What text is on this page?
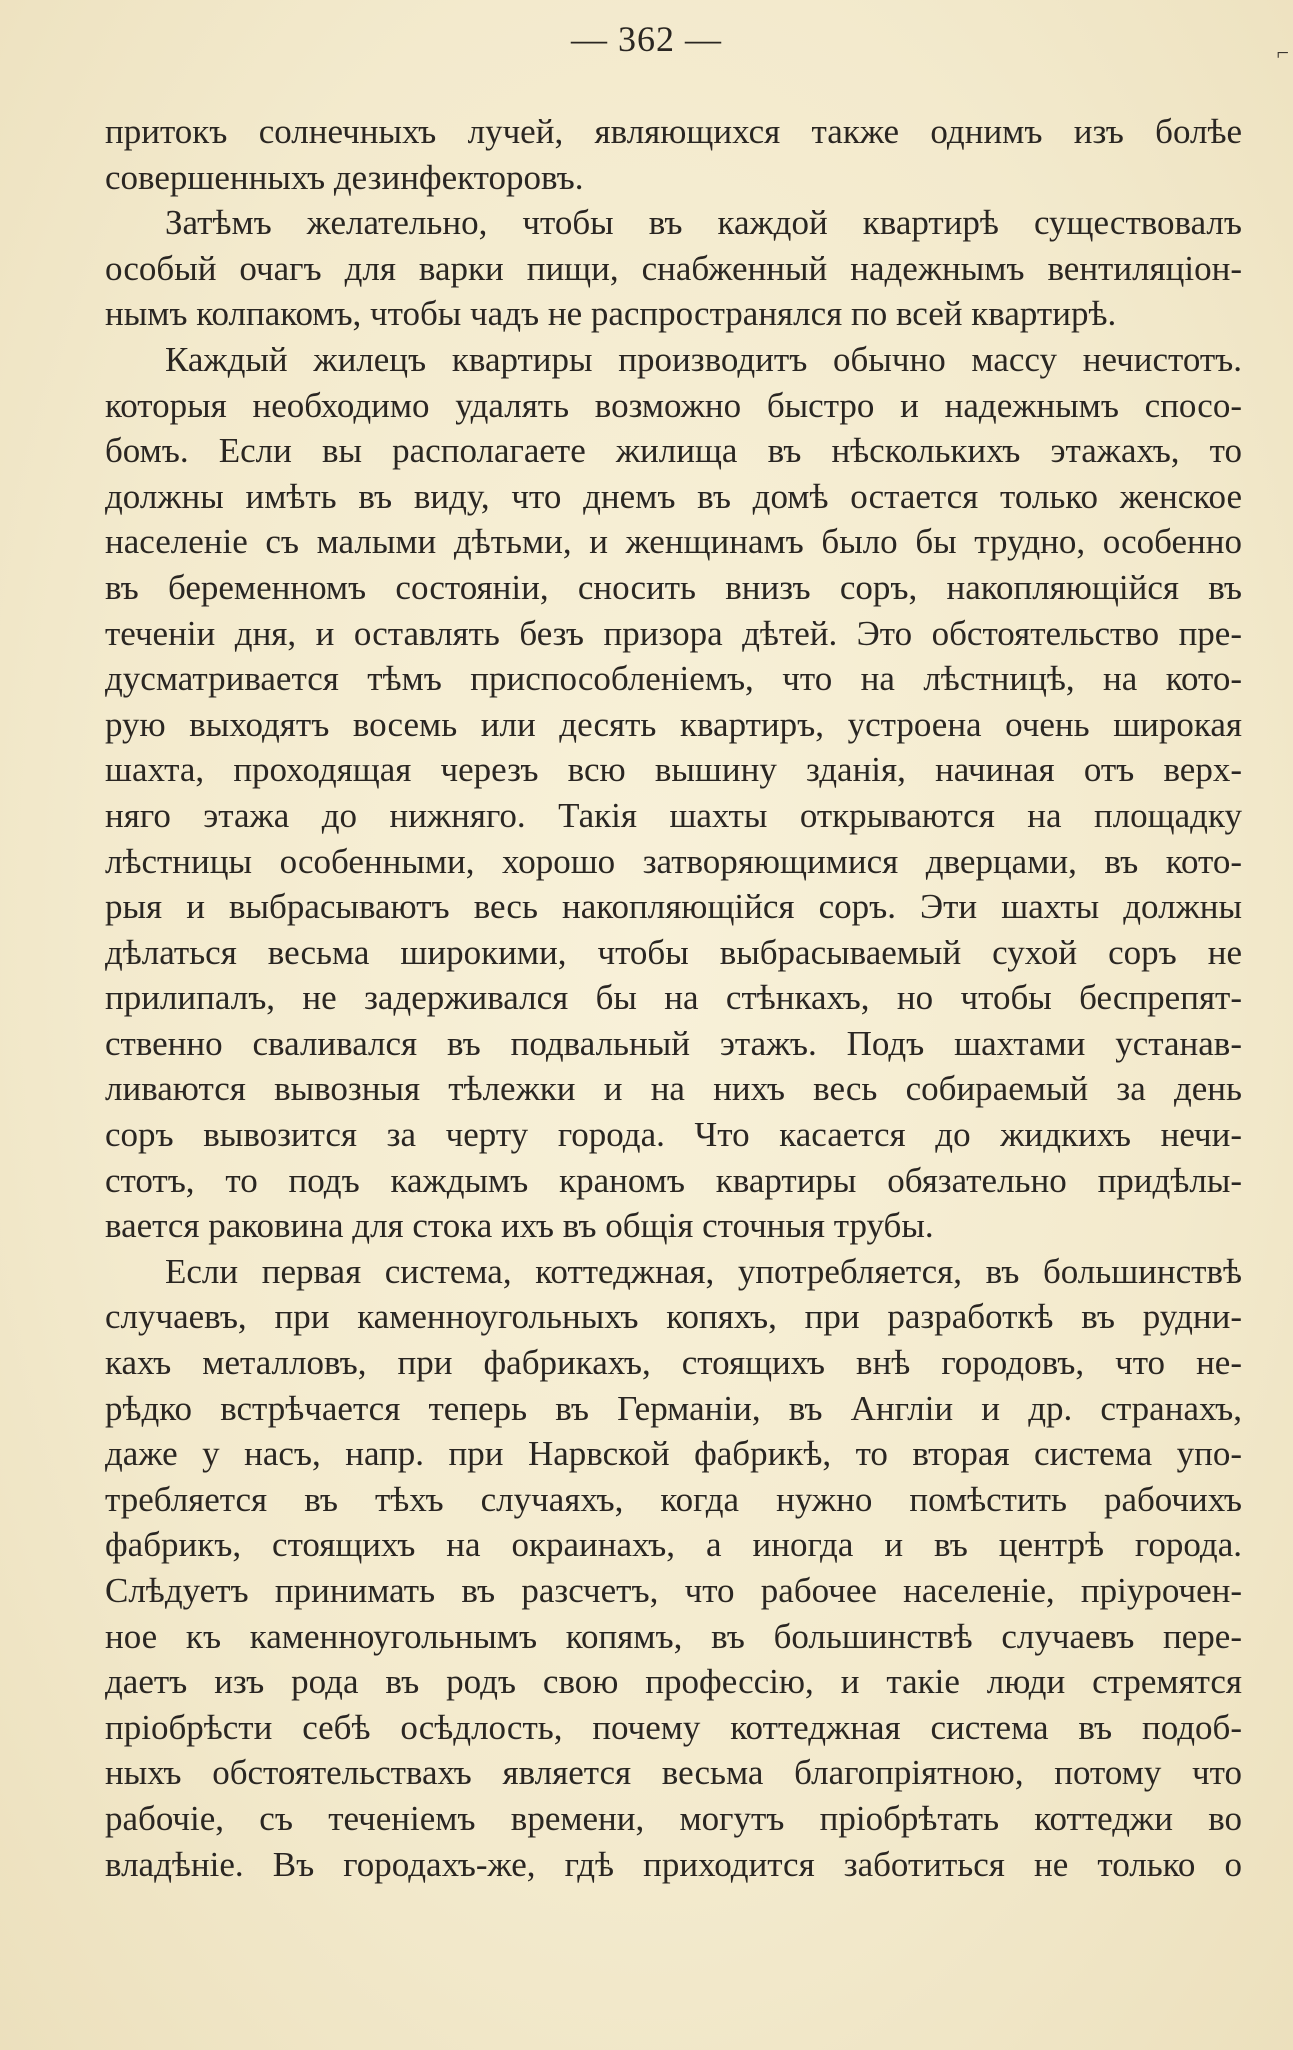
— 362 —	⌐
притокъ солнечныхъ лучей, являющихся также однимъ изъ болѣе
совершенныхъ дезинфекторовъ.
Затѣмъ желательно, чтобы въ каждой квартирѣ существовалъ
особый очагъ для варки пищи, снабженный надежнымъ вентиляціон-
нымъ колпакомъ, чтобы чадъ не распространялся по всей квартирѣ.
Каждый жилецъ квартиры производитъ обычно массу нечистотъ.
которыя необходимо удалять возможно быстро и надежнымъ спосо-
бомъ. Если вы располагаете жилища въ нѣсколькихъ этажахъ, то
должны имѣть въ виду, что днемъ въ домѣ остается только женское
населеніе съ малыми дѣтьми, и женщинамъ было бы трудно, особенно
въ беременномъ состояніи, сносить внизъ соръ, накопляющійся въ
теченіи дня, и оставлять безъ призора дѣтей. Это обстоятельство пре-
дусматривается тѣмъ приспособленіемъ, что на лѣстницѣ, на кото-
рую выходятъ восемь или десять квартиръ, устроена очень широкая
шахта, проходящая черезъ всю вышину зданія, начиная отъ верх-
няго этажа до нижняго. Такія шахты открываются на площадку
лѣстницы особенными, хорошо затворяющимися дверцами, въ кото-
рыя и выбрасываютъ весь накопляющійся соръ. Эти шахты должны
дѣлаться весьма широкими, чтобы выбрасываемый сухой соръ не
прилипалъ, не задерживался бы на стѣнкахъ, но чтобы беспрепят-
ственно сваливался въ подвальный этажъ. Подъ шахтами устанав-
ливаются вывозныя тѣлежки и на нихъ весь собираемый за день
соръ вывозится за черту города. Что касается до жидкихъ нечи-
стотъ, то подъ каждымъ краномъ квартиры обязательно придѣлы-
вается раковина для стока ихъ въ общія сточныя трубы.
Если первая система, коттеджная, употребляется, въ большинствѣ
случаевъ, при каменноугольныхъ копяхъ, при разработкѣ въ рудни-
кахъ металловъ, при фабрикахъ, стоящихъ внѣ городовъ, что не-
рѣдко встрѣчается теперь въ Германіи, въ Англіи и др. странахъ,
даже у насъ, напр. при Нарвской фабрикѣ, то вторая система упо-
требляется въ тѣхъ случаяхъ, когда нужно помѣстить рабочихъ
фабрикъ, стоящихъ на окраинахъ, а иногда и въ центрѣ города.
Слѣдуетъ принимать въ разсчетъ, что рабочее населеніе, пріурочен-
ное къ каменноугольнымъ копямъ, въ большинствѣ случаевъ пере-
даетъ изъ рода въ родъ свою профессію, и такіе люди стремятся
пріобрѣсти себѣ осѣдлость, почему коттеджная система въ подоб-
ныхъ обстоятельствахъ является весьма благопріятною, потому что
рабочіе, съ теченіемъ времени, могутъ пріобрѣтать коттеджи во
владѣніе. Въ городахъ-же, гдѣ приходится заботиться не только о
